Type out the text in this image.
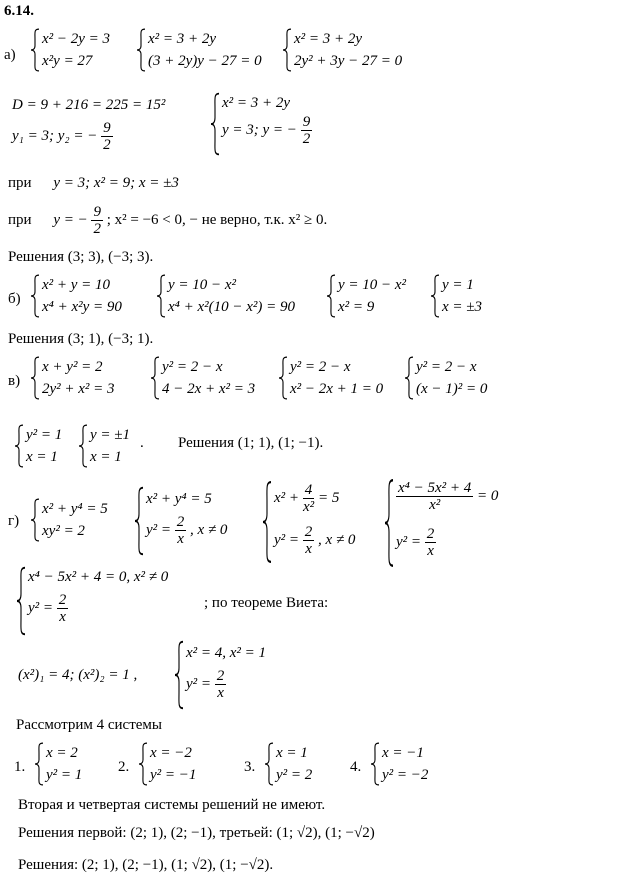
6.14.
а)
x² − 2y = 3
x²y = 27
x² = 3 + 2y
(3 + 2y)y − 27 = 0
x² = 3 + 2y
2y² + 3y − 27 = 0
D = 9 + 216 = 225 = 15²
y₁ = 3; y₂ = − $\frac{9}{2}$
x² = 3 + 2y
y = 3; y = − $\frac{9}{2}$
при y = 3; x² = 9; x = ±3
при y = − $\frac{9}{2}$ ; x² = −6 < 0, − не верно, т.к. x² ≥ 0.
Решения (3; 3), (−3; 3).
б)
x² + y = 10
x⁴ + x²y = 90
y = 10 − x²
x⁴ + x²(10 − x²) = 90
y = 10 − x²
x² = 9
y = 1
x = ±3
Решения (3; 1), (−3; 1).
в)
x + y² = 2
2y² + x² = 3
y² = 2 − x
4 − 2x + x² = 3
y² = 2 − x
x² − 2x + 1 = 0
y² = 2 − x
(x − 1)² = 0
y² = 1
x = 1
y = ±1
x = 1
. Решения (1; 1), (1; −1).
г)
x² + y⁴ = 5
xy² = 2
x² + y⁴ = 5
$y^2 = \frac{2}{x}$ , x ≠ 0
$x^2 + \frac{4}{\text{x²}} = 5$
$y^2 = \frac{2}{x}$ , x ≠ 0
$\frac{\text{x⁴ − 5x² + 4}}{\text{x²}} = 0$
$y^2 = \frac{2}{x}$
x⁴ − 5x² + 4 = 0, x² ≠ 0
$y^2 = \frac{2}{x}$	; по теореме Виета:
(x²)₁ = 4; (x²)₂ = 1 ,
x² = 4, x² = 1
$y^2 = \frac{2}{x}$
Рассмотрим 4 системы
1.
x = 2
y² = 1 2.
x = −2
y² = −1	3.
x = 1
y² = 2	4.
x = −1
y² = −2
Вторая и четвертая системы решений не имеют.
Решения первой: (2; 1), (2; −1), третьей: (1; √2), (1; −√2)
Решения: (2; 1), (2; −1), (1; √2), (1; −√2).
